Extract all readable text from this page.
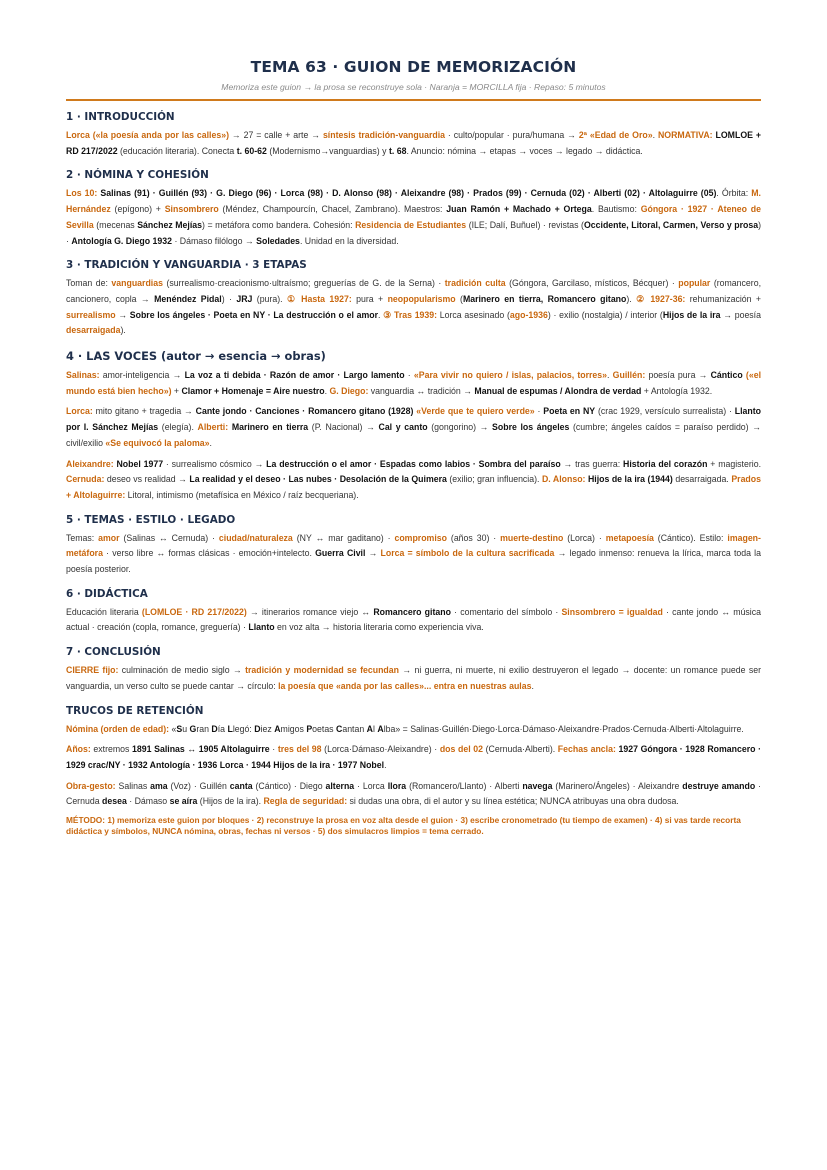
TEMA 63 · GUION DE MEMORIZACIÓN
Memoriza este guion → la prosa se reconstruye sola · Naranja = MORCILLA fija · Repaso: 5 minutos
1 · INTRODUCCIÓN

Lorca («la poesía anda por las calles») → 27 = calle + arte → síntesis tradición-vanguardia · culto/popular · pura/humana → 2ª «Edad de Oro». NORMATIVA: LOMLOE + RD 217/2022 (educación literaria). Conecta t. 60-62 (Modernismo→vanguardias) y t. 68. Anuncio: nómina → etapas → voces → legado → didáctica.

2 · NÓMINA Y COHESIÓN

Los 10: Salinas (91) · Guillén (93) · G. Diego (96) · Lorca (98) · D. Alonso (98) · Aleixandre (98) · Prados (99) · Cernuda (02) · Alberti (02) · Altolaguirre (05). Órbita: M. Hernández (epígono) + Sinsombrero (Méndez, Champourcín, Chacel, Zambrano). Maestros: Juan Ramón + Machado + Ortega. Bautismo: Góngora · 1927 · Ateneo de Sevilla (mecenas Sánchez Mejías) = metáfora como bandera. Cohesión: Residencia de Estudiantes (ILE; Dalí, Buñuel) · revistas (Occidente, Litoral, Carmen, Verso y prosa) · Antología G. Diego 1932 · Dámaso filólogo → Soledades. Unidad en la diversidad.

3 · TRADICIÓN Y VANGUARDIA · 3 ETAPAS

Toman de: vanguardias (surrealismo·creacionismo·ultraísmo; greguerías de G. de la Serna) · tradición culta (Góngora, Garcilaso, místicos, Bécquer) · popular (romancero, cancionero, copla → Menéndez Pidal) · JRJ (pura). ① Hasta 1927: pura + neopopularismo (Marinero en tierra, Romancero gitano). ② 1927-36: rehumanización + surrealismo → Sobre los ángeles · Poeta en NY · La destrucción o el amor. ③ Tras 1939: Lorca asesinado (ago-1936) · exilio (nostalgia) / interior (Hijos de la ira → poesía desarraigada).

4 · LAS VOCES (autor → esencia → obras)

Salinas: amor-inteligencia → La voz a ti debida · Razón de amor · Largo lamento · «Para vivir no quiero / islas, palacios, torres». Guillén: poesía pura → Cántico («el mundo está bien hecho») + Clamor + Homenaje = Aire nuestro. G. Diego: vanguardia ↔ tradición → Manual de espumas / Alondra de verdad + Antología 1932.

Lorca: mito gitano + tragedia → Cante jondo · Canciones · Romancero gitano (1928) «Verde que te quiero verde» · Poeta en NY (crac 1929, versículo surrealista) · Llanto por I. Sánchez Mejías (elegía). Alberti: Marinero en tierra (P. Nacional) → Cal y canto (gongorino) → Sobre los ángeles (cumbre; ángeles caídos = paraíso perdido) → civil/exilio «Se equivocó la paloma».

Aleixandre: Nobel 1977 · surrealismo cósmico → La destrucción o el amor · Espadas como labios · Sombra del paraíso → tras guerra: Historia del corazón + magisterio. Cernuda: deseo vs realidad → La realidad y el deseo · Las nubes · Desolación de la Quimera (exilio; gran influencia). D. Alonso: Hijos de la ira (1944) desarraigada. Prados + Altolaguirre: Litoral, intimismo (metafísica en México / raíz becqueriana).

5 · TEMAS · ESTILO · LEGADO

Temas: amor (Salinas ↔ Cernuda) · ciudad/naturaleza (NY ↔ mar gaditano) · compromiso (años 30) · muerte-destino (Lorca) · metapoesía (Cántico). Estilo: imagen-metáfora · verso libre ↔ formas clásicas · emoción+intelecto. Guerra Civil → Lorca = símbolo de la cultura sacrificada → legado inmenso: renueva la lírica, marca toda la poesía posterior.

6 · DIDÁCTICA

Educación literaria (LOMLOE · RD 217/2022) → itinerarios romance viejo ↔ Romancero gitano · comentario del símbolo · Sinsombrero = igualdad · cante jondo ↔ música actual · creación (copla, romance, greguería) · Llanto en voz alta → historia literaria como experiencia viva.

7 · CONCLUSIÓN

CIERRE fijo: culminación de medio siglo → tradición y modernidad se fecundan → ni guerra, ni muerte, ni exilio destruyeron el legado → docente: un romance puede ser vanguardia, un verso culto se puede cantar → círculo: la poesía que «anda por las calles»... entra en nuestras aulas.

TRUCOS DE RETENCIÓN

Nómina (orden de edad): «Su Gran Día Llegó: Diez Amigos Poetas Cantan Al Alba» = Salinas·Guillén·Diego·Lorca·Dámaso·Aleixandre·Prados·Cernuda·Alberti·Altolaguirre.

Años: extremos 1891 Salinas ↔ 1905 Altolaguirre · tres del 98 (Lorca·Dámaso·Aleixandre) · dos del 02 (Cernuda·Alberti). Fechas ancla: 1927 Góngora · 1928 Romancero · 1929 crac/NY · 1932 Antología · 1936 Lorca · 1944 Hijos de la ira · 1977 Nobel.

Obra-gesto: Salinas ama (Voz) · Guillén canta (Cántico) · Diego alterna · Lorca llora (Romancero/Llanto) · Alberti navega (Marinero/Ángeles) · Aleixandre destruye amando · Cernuda desea · Dámaso se aíra (Hijos de la ira). Regla de seguridad: si dudas una obra, di el autor y su línea estética; NUNCA atribuyas una obra dudosa.

MÉTODO: 1) memoriza este guion por bloques · 2) reconstruye la prosa en voz alta desde el guion · 3) escribe cronometrado (tu tiempo de examen) · 4) si vas tarde recorta didáctica y símbolos, NUNCA nómina, obras, fechas ni versos · 5) dos simulacros limpios = tema cerrado.
